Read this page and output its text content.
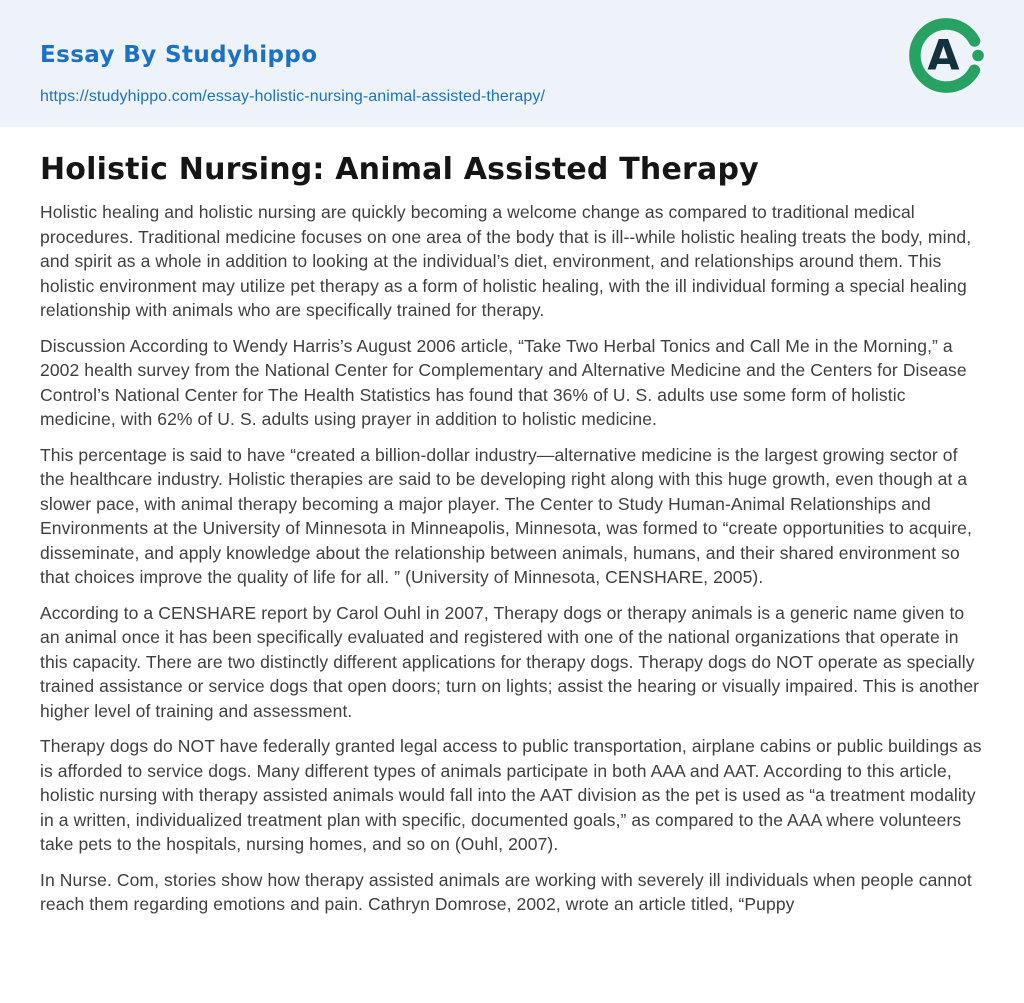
Essay By Studyhippo
https://studyhippo.com/essay-holistic-nursing-animal-assisted-therapy/
A
Holistic Nursing: Animal Assisted Therapy

Holistic healing and holistic nursing are quickly becoming a welcome change as compared to traditional medical procedures. Traditional medicine focuses on one area of the body that is ill--while holistic healing treats the body, mind, and spirit as a whole in addition to looking at the individual’s diet, environment, and relationships around them. This holistic environment may utilize pet therapy as a form of holistic healing, with the ill individual forming a special healing relationship with animals who are specifically trained for therapy.

Discussion According to Wendy Harris’s August 2006 article, “Take Two Herbal Tonics and Call Me in the Morning,” a 2002 health survey from the National Center for Complementary and Alternative Medicine and the Centers for Disease Control’s National Center for The Health Statistics has found that 36% of U. S. adults use some form of holistic medicine, with 62% of U. S. adults using prayer in addition to holistic medicine.

This percentage is said to have “created a billion-dollar industry—alternative medicine is the largest growing sector of the healthcare industry. Holistic therapies are said to be developing right along with this huge growth, even though at a slower pace, with animal therapy becoming a major player. The Center to Study Human-Animal Relationships and Environments at the University of Minnesota in Minneapolis, Minnesota, was formed to “create opportunities to acquire, disseminate, and apply knowledge about the relationship between animals, humans, and their shared environment so that choices improve the quality of life for all. ” (University of Minnesota, CENSHARE, 2005).

According to a CENSHARE report by Carol Ouhl in 2007, Therapy dogs or therapy animals is a generic name given to an animal once it has been specifically evaluated and registered with one of the national organizations that operate in this capacity. There are two distinctly different applications for therapy dogs. Therapy dogs do NOT operate as specially trained assistance or service dogs that open doors; turn on lights; assist the hearing or visually impaired. This is another higher level of training and assessment.

Therapy dogs do NOT have federally granted legal access to public transportation, airplane cabins or public buildings as is afforded to service dogs. Many different types of animals participate in both AAA and AAT. According to this article, holistic nursing with therapy assisted animals would fall into the AAT division as the pet is used as “a treatment modality in a written, individualized treatment plan with specific, documented goals,” as compared to the AAA where volunteers take pets to the hospitals, nursing homes, and so on (Ouhl, 2007).

In Nurse. Com, stories show how therapy assisted animals are working with severely ill individuals when people cannot reach them regarding emotions and pain. Cathryn Domrose, 2002, wrote an article titled, “Puppy
